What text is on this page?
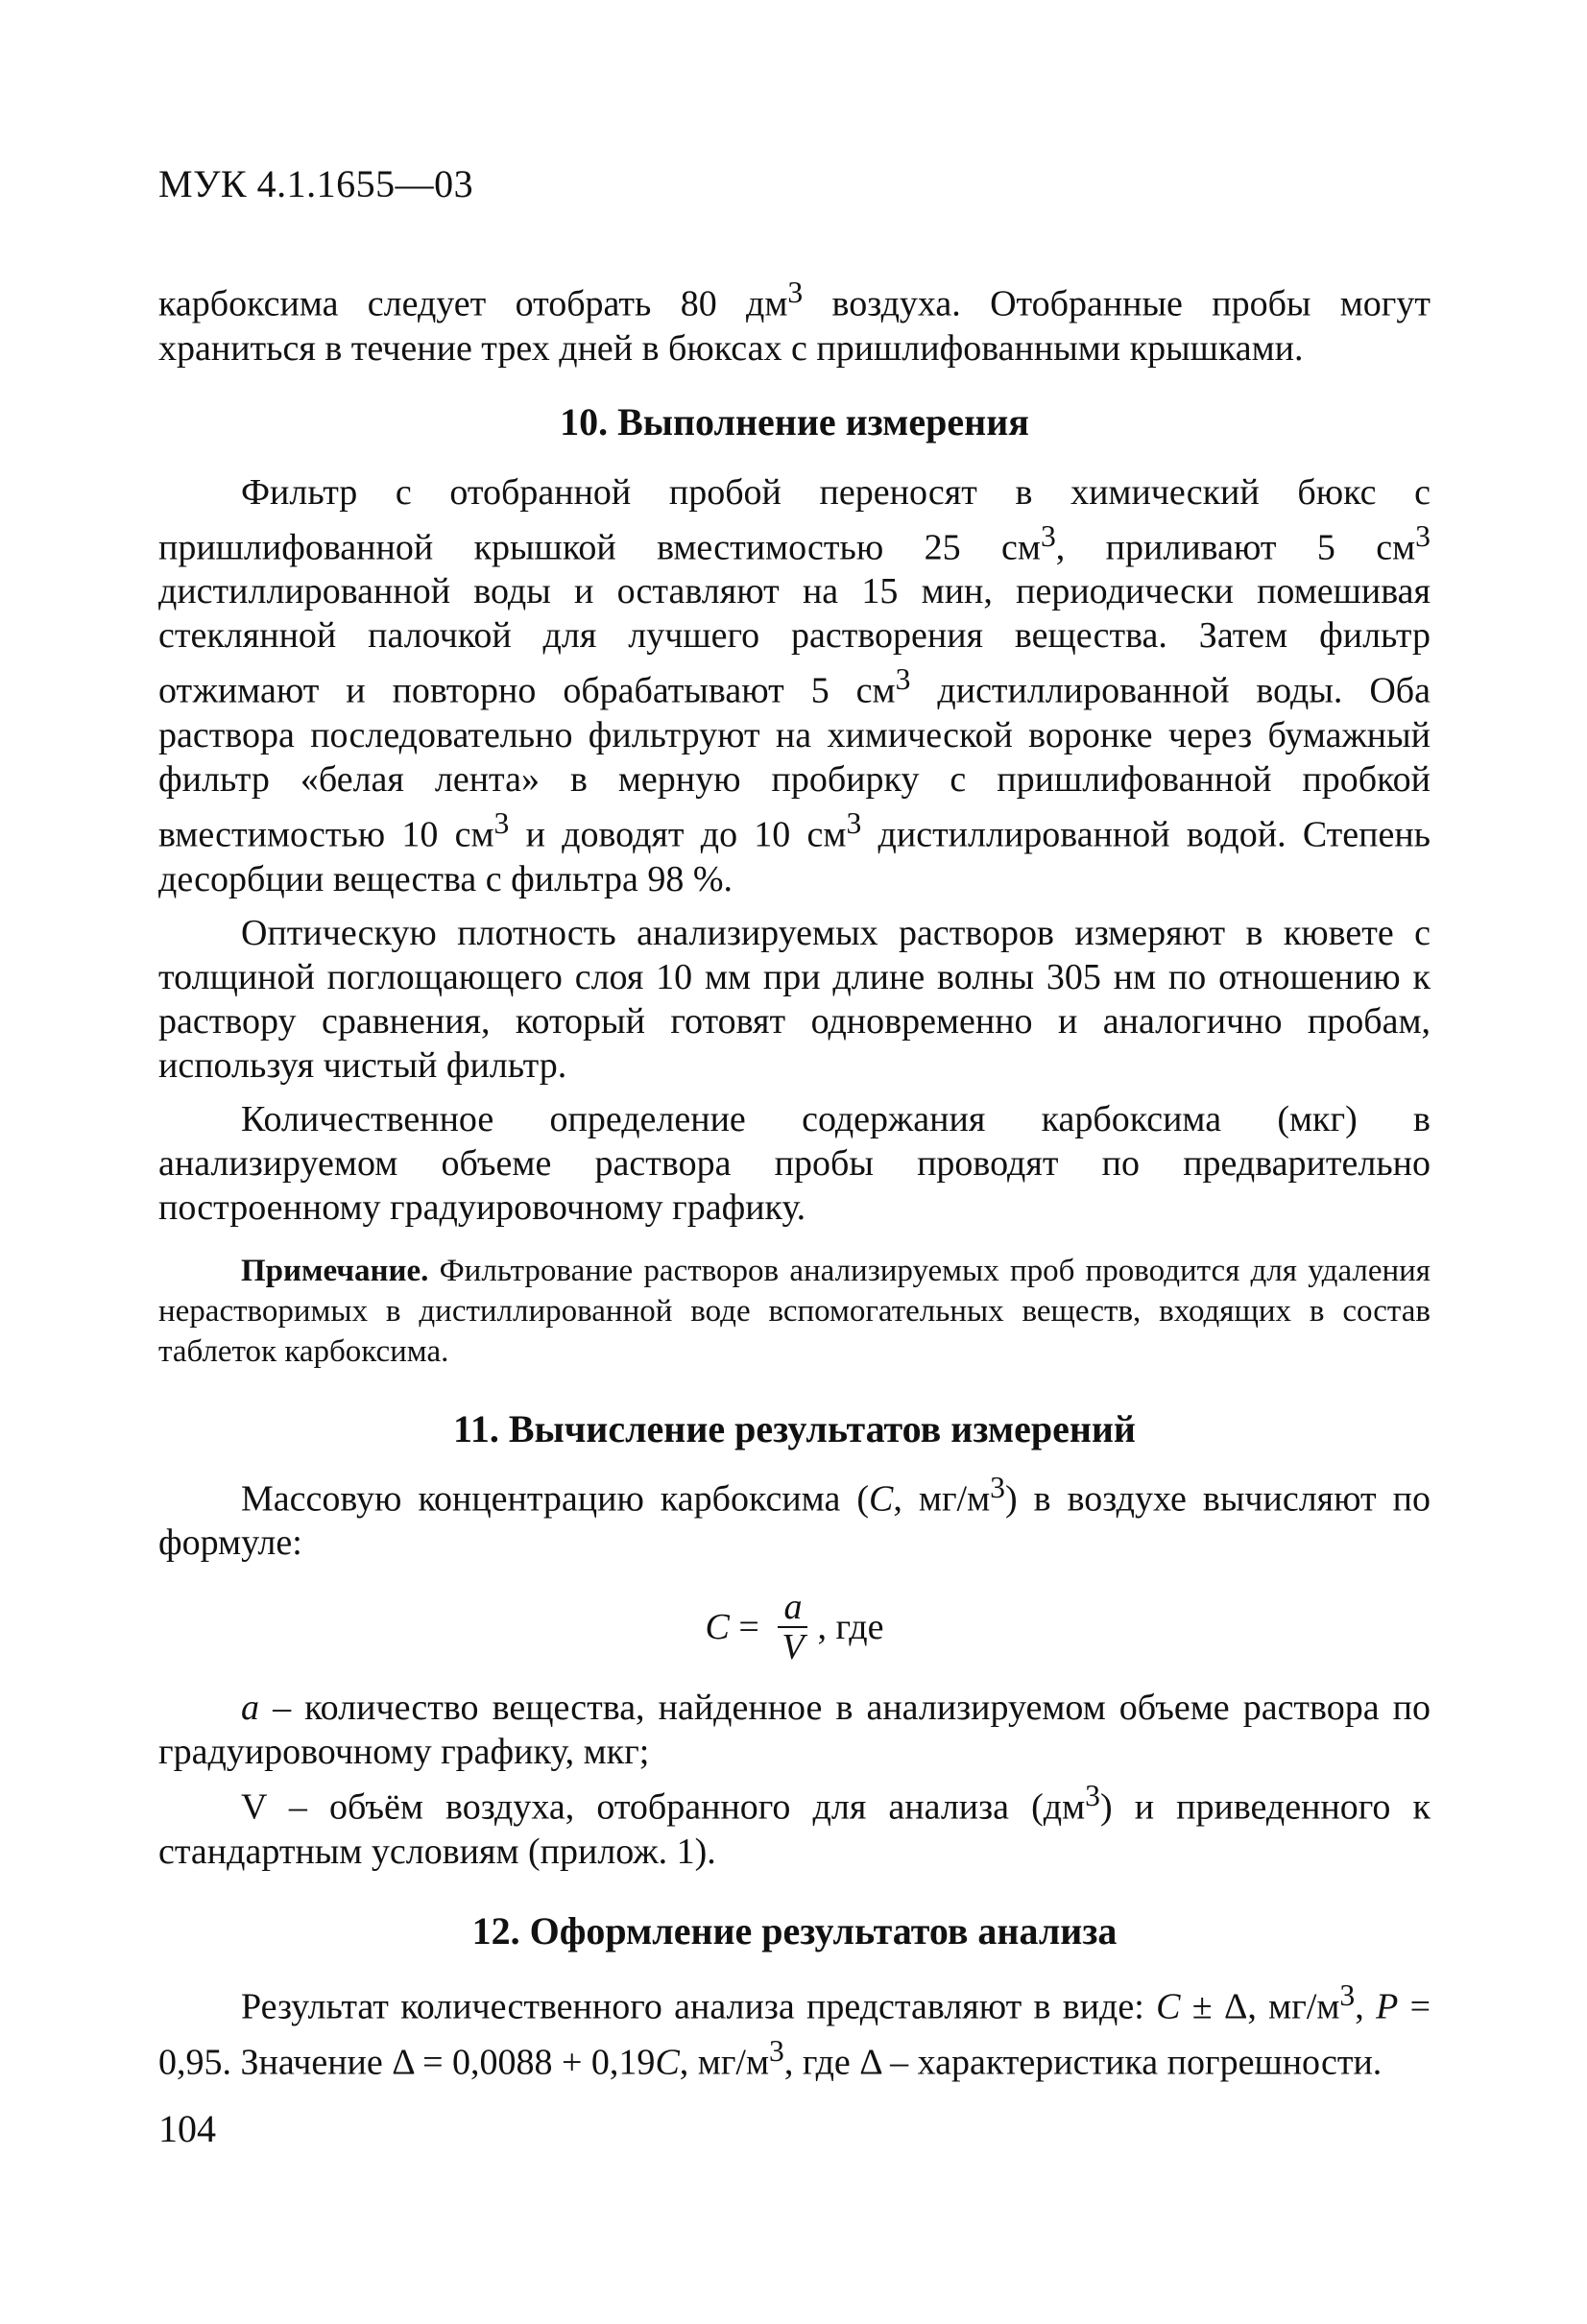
МУК 4.1.1655—03

карбоксима следует отобрать 80 $дм^3$ воздуха. Отобранные пробы могут храниться в течение трех дней в бюксах с пришлифованными крышками.

10. Выполнение измерения

Фильтр с отобранной пробой переносят в химический бюкс с пришлифованной крышкой вместимостью 25 $см^3$, приливают 5 $см^3$ дистиллированной воды и оставляют на 15 мин, периодически помешивая стеклянной палочкой для лучшего растворения вещества. Затем фильтр отжимают и повторно обрабатывают 5 $см^3$ дистиллированной воды. Оба раствора последовательно фильтруют на химической воронке через бумажный фильтр «белая лента» в мерную пробирку с пришлифованной пробкой вместимостью 10 $см^3$ и доводят до 10 $см^3$ дистиллированной водой. Степень десорбции вещества с фильтра 98 %.

Оптическую плотность анализируемых растворов измеряют в кювете с толщиной поглощающего слоя 10 мм при длине волны 305 нм по отношению к раствору сравнения, который готовят одновременно и аналогично пробам, используя чистый фильтр.

Количественное определение содержания карбоксима (мкг) в анализируемом объеме раствора пробы проводят по предварительно построенному градуировочному графику.

Примечание. Фильтрование растворов анализируемых проб проводится для удаления нерастворимых в дистиллированной воде вспомогательных веществ, входящих в состав таблеток карбоксима.

11. Вычисление результатов измерений

Массовую концентрацию карбоксима (С, $мг/м^3$) в воздухе вычисляют по формуле:

$С = \frac{a}{V}$ , где

a – количество вещества, найденное в анализируемом объеме раствора по градуировочному графику, мкг;

V – объём воздуха, отобранного для анализа $(дм^3)$ и приведенного к стандартным условиям (прилож. 1).

12. Оформление результатов анализа

Результат количественного анализа представляют в виде: С ± Δ, $мг/м^3$, Р = 0,95. Значение Δ = 0,0088 + 0,19С, $мг/м^3$, где Δ – характеристика погрешности.

104
